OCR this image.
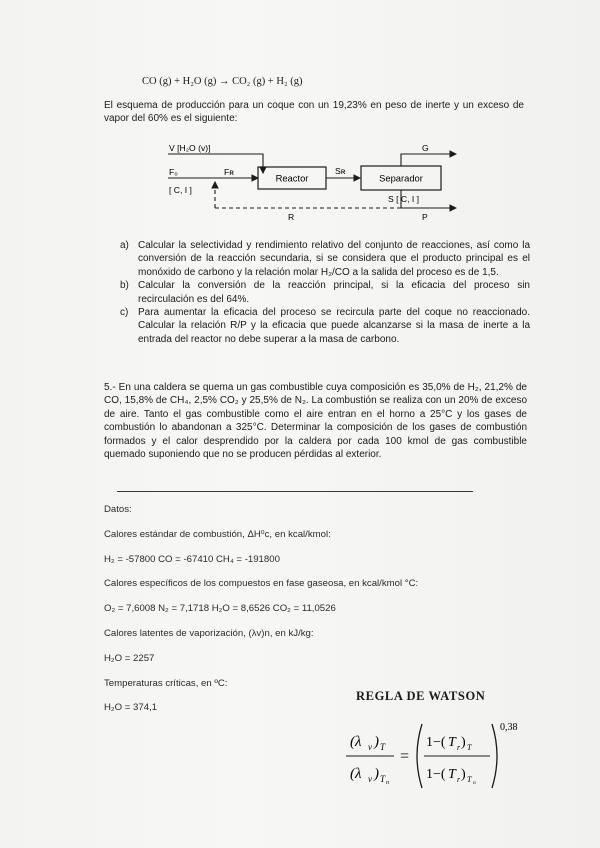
CO (g) + H₂O (g) → CO₂ (g) + H₂ (g)
El esquema de producción para un coque con un 19,23% en peso de inerte y un exceso de vapor del 60% es el siguiente:
V [H₂O (v)]
F₀
[ C, I ]
Fʀ
Reactor
Sʀ
Separador
G
S [ C, I ]
R	P
a) Calcular la selectividad y rendimiento relativo del conjunto de reacciones, así como la conversión de la reacción secundaria, si se considera que el producto principal es el monóxido de carbono y la relación molar H₂/CO a la salida del proceso es de 1,5.
b) Calcular la conversión de la reacción principal, si la eficacia del proceso sin recirculación es del 64%.
c) Para aumentar la eficacia del proceso se recircula parte del coque no reaccionado. Calcular la relación R/P y la eficacia que puede alcanzarse si la masa de inerte a la entrada del reactor no debe superar a la masa de carbono.
5.- En una caldera se quema un gas combustible cuya composición es 35,0% de H₂, 21,2% de CO, 15,8% de CH₄, 2,5% CO₂ y 25,5% de N₂. La combustión se realiza con un 20% de exceso de aire. Tanto el gas combustible como el aire entran en el horno a 25°C y los gases de combustión lo abandonan a 325°C. Determinar la composición de los gases de combustión formados y el calor desprendido por la caldera por cada 100 kmol de gas combustible quemado suponiendo que no se producen pérdidas al exterior.
Datos:
Calores estándar de combustión, ΔH⁰c, en kcal/kmol:
H₂ = -57800 CO = -67410 CH₄ = -191800
Calores específicos de los compuestos en fase gaseosa, en kcal/kmol °C:
O₂ = 7,6008 N₂ = 7,1718 H₂O = 8,6526 CO₂ = 11,0526
Calores latentes de vaporización, (λv)n, en kJ/kg:
H₂O = 2257
Temperaturas críticas, en ºC:
H₂O = 374,1
REGLA DE WATSON
(λ v ) T
(λ v ) T n
=
1−( T r ) T
1−( T r ) T n
0,38
